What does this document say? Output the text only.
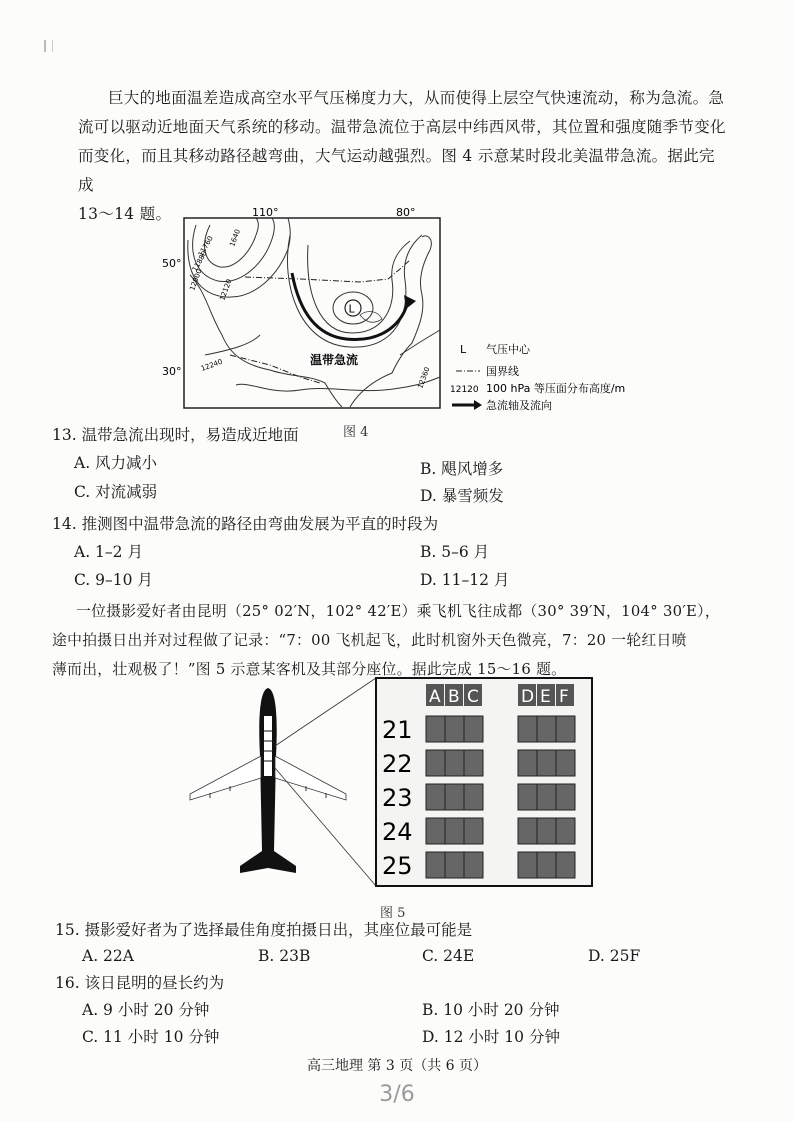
巨大的地面温差造成高空水平气压梯度力大，从而使得上层空气快速流动，称为急流。急
流可以驱动近地面天气系统的移动。温带急流位于高层中纬西风带，其位置和强度随季节变化
而变化，而且其移动路径越弯曲，大气运动越强烈。图 4 示意某时段北美温带急流。据此完成
13～14 题。	110°	80°
50°
30°
L
11760
11880
12000 12120
1640
12240
12360
温带急流
L 气压中心
国界线
12120 100 hPa 等压面分布高度/m
急流轴及流向
图 4
13. 温带急流出现时，易造成近地面
A. 风力减小	B. 飓风增多
C. 对流减弱	D. 暴雪频发
14. 推测图中温带急流的路径由弯曲发展为平直的时段为
A. 1–2 月	B. 5–6 月
C. 9–10 月	D. 11–12 月
一位摄影爱好者由昆明（25° 02′N，102° 42′E）乘飞机飞往成都（30° 39′N，104° 30′E），
途中拍摄日出并对过程做了记录：“7：00 飞机起飞，此时机窗外天色微亮，7：20 一轮红日喷
薄而出，壮观极了！”图 5 示意某客机及其部分座位。据此完成 15～16 题。
A B C D E F
21
22
23
24
25
图 5
15. 摄影爱好者为了选择最佳角度拍摄日出，其座位最可能是
A. 22A	B. 23B	C. 24E	D. 25F
16. 该日昆明的昼长约为
A. 9 小时 20 分钟	B. 10 小时 20 分钟
C. 11 小时 10 分钟	D. 12 小时 10 分钟
高三地理 第 3 页（共 6 页）
3/6
